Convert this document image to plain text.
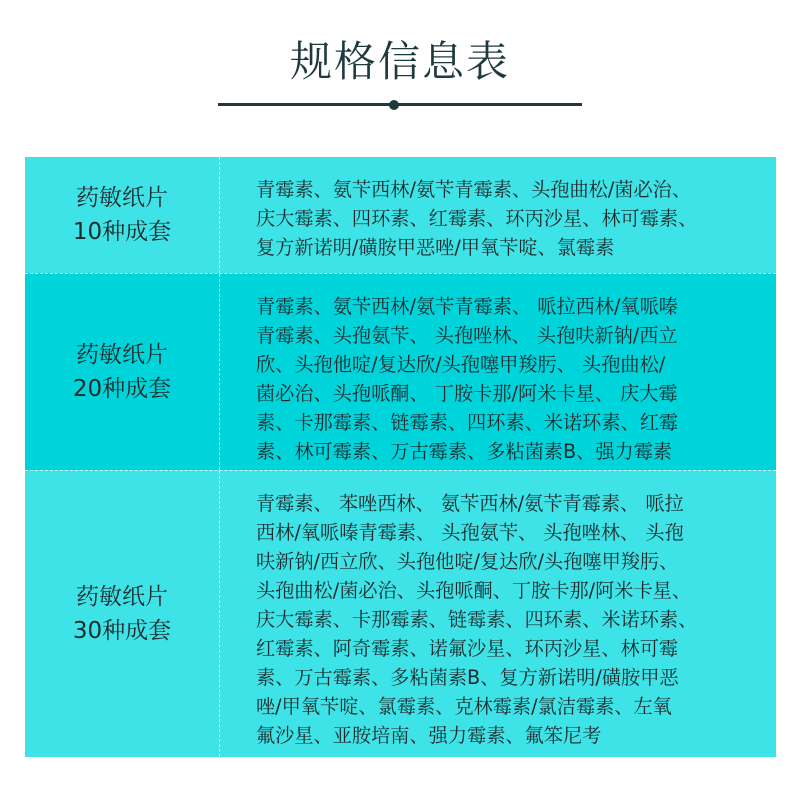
规格信息表
药敏纸片
10种成套
青霉素、氨苄西林/氨苄青霉素、头孢曲松/菌必治、
庆大霉素、四环素、红霉素、环丙沙星、林可霉素、
复方新诺明/磺胺甲恶唑/甲氧苄啶、氯霉素
药敏纸片
20种成套
青霉素、氨苄西林/氨苄青霉素、 哌拉西林/氧哌嗪
青霉素、头孢氨苄、 头孢唑林、 头孢呋新钠/西立
欣、头孢他啶/复达欣/头孢噻甲羧肟、 头孢曲松/
菌必治、头孢哌酮、 丁胺卡那/阿米卡星、 庆大霉
素、卡那霉素、链霉素、四环素、米诺环素、红霉
素、林可霉素、万古霉素、多粘菌素B、强力霉素
药敏纸片
30种成套
青霉素、 苯唑西林、 氨苄西林/氨苄青霉素、 哌拉
西林/氧哌嗪青霉素、 头孢氨苄、 头孢唑林、 头孢
呋新钠/西立欣、头孢他啶/复达欣/头孢噻甲羧肟、
头孢曲松/菌必治、头孢哌酮、丁胺卡那/阿米卡星、
庆大霉素、卡那霉素、链霉素、四环素、米诺环素、
红霉素、阿奇霉素、诺氟沙星、环丙沙星、林可霉
素、万古霉素、多粘菌素B、复方新诺明/磺胺甲恶
唑/甲氧苄啶、氯霉素、克林霉素/氯洁霉素、左氧
氟沙星、亚胺培南、强力霉素、氟笨尼考
